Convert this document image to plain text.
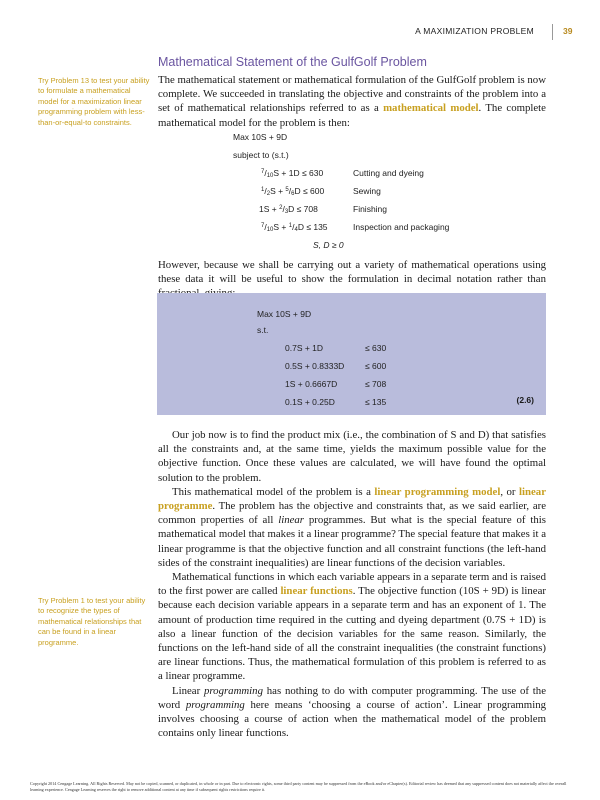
A MAXIMIZATION PROBLEM	39
Mathematical Statement of the GulfGolf Problem
Try Problem 13 to test your ability to formulate a mathematical model for a maximization linear programming problem with less-than-or-equal-to constraints.

The mathematical statement or mathematical formulation of the GulfGolf problem is now complete. We succeeded in translating the objective and constraints of the problem into a set of mathematical relationships referred to as a mathematical model. The complete mathematical model for the problem is then:

Max 10S + 9D
subject to (s.t.)
$^7/_{10}S + 1D \le 630$	Cutting and dyeing
$^1/_2S + ^5/_6D \le 600$	Sewing
$1S + ^2/_3D \le 708$	Finishing
$^7/_{10}S + ^1/_4D \le 135$	Inspection and packaging
S, D ≥ 0

However, because we shall be carrying out a variety of mathematical operations using these data it will be useful to show the formulation in decimal notation rather than

Max 10S + 9D
s.t.
0.7S + 1D	≤ 630
0.5S + 0.8333D ≤ 600
1S + 0.6667D	≤ 708
0.1S + 0.25D	≤ 135	(2.6)

Our job now is to find the product mix (i.e., the combination of S and D) that satisfies all the constraints and, at the same time, yields the maximum possible value for the objective function. Once these values are calculated, we will have found the optimal solution to the problem.

This mathematical model of the problem is a linear programming model, or linear programme. The problem has the objective and constraints that, as we said earlier, are common properties of all linear programmes. But what is the special feature of this mathematical model that makes it a linear programme? The special feature that makes it a linear programme is that the objective function and all constraint functions (the left-hand sides of the constraint inequalities) are linear functions of the decision variables.

Mathematical functions in which each variable appears in a separate term and is raised to the first power are called linear functions. The objective function (10S + 9D) is linear because each decision variable appears in a separate term and has an exponent of 1. The amount of production time required in the cutting and dyeing department (0.7S + 1D) is also a linear function of the decision variables for the same reason. Similarly, the functions on the left-hand side of all the constraint inequalities (the constraint functions) are linear functions. Thus, the mathematical formulation of this problem is referred to as a linear programme.

Linear programming has nothing to do with computer programming. The use of the word programming here means ‘choosing a course of action’. Linear programming involves choosing a course of action when the mathematical model of the problem contains only linear functions.

Try Problem 1 to test your ability to recognize the types of mathematical relationships that can be found in a linear programme.
Copyright 2014 Cengage Learning. All Rights Reserved. May not be copied, scanned, or duplicated, in whole or in part. Due to electronic rights, some third party content may be suppressed from the eBook and/or eChapter(s). Editorial review has deemed that any suppressed content does not materially affect the overall learning experience. Cengage Learning reserves the right to remove additional content at any time if subsequent rights restrictions require it.
